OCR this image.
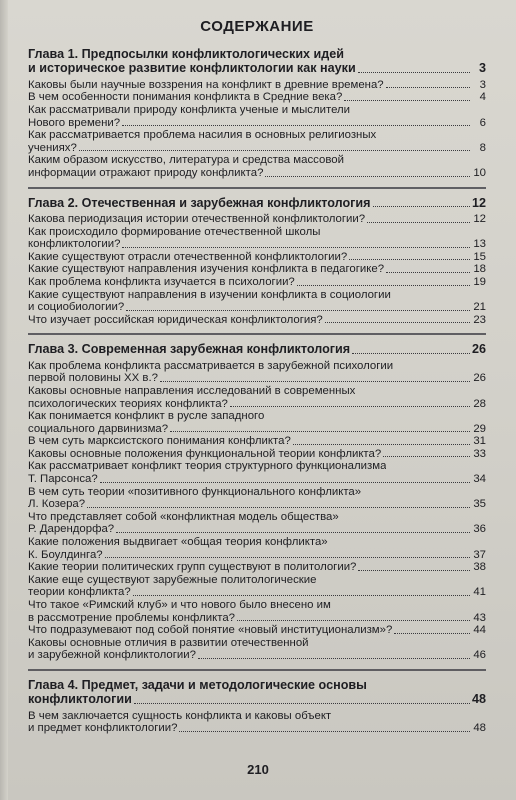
СОДЕРЖАНИЕ
Глава 1. Предпосылки конфликтологических идей
и историческое развитие конфликтологии как науки	3
Каковы были научные воззрения на конфликт в древние времена?	3
В чем особенности понимания конфликта в Средние века?	4
Как рассматривали природу конфликта ученые и мыслители
Нового времени?	6
Как рассматривается проблема насилия в основных религиозных
учениях?	8
Каким образом искусство, литература и средства массовой
информации отражают природу конфликта?	10
Глава 2. Отечественная и зарубежная конфликтология	12
Какова периодизация истории отечественной конфликтологии?	12
Как происходило формирование отечественной школы
конфликтологии?	13
Какие существуют отрасли отечественной конфликтологии?	15
Какие существуют направления изучения конфликта в педагогике?	18
Как проблема конфликта изучается в психологии?	19
Какие существуют направления в изучении конфликта в социологии
и социобиологии?	21
Что изучает российская юридическая конфликтология?	23
Глава 3. Современная зарубежная конфликтология	26
Как проблема конфликта рассматривается в зарубежной психологии
первой половины XX в.?	26
Каковы основные направления исследований в современных
психологических теориях конфликта?	28
Как понимается конфликт в русле западного
социального дарвинизма?	29
В чем суть марксистского понимания конфликта?	31
Каковы основные положения функциональной теории конфликта?	33
Как рассматривает конфликт теория структурного функционализма
Т. Парсонса?	34
В чем суть теории «позитивного функционального конфликта»
Л. Козера?	35
Что представляет собой «конфликтная модель общества»
Р. Дарендорфа?	36
Какие положения выдвигает «общая теория конфликта»
К. Боулдинга?	37
Какие теории политических групп существуют в политологии?	38
Какие еще существуют зарубежные политологические
теории конфликта?	41
Что такое «Римский клуб» и что нового было внесено им
в рассмотрение проблемы конфликта?	43
Что подразумевают под собой понятие «новый институционализм»?	44
Каковы основные отличия в развитии отечественной
и зарубежной конфликтологии?	46
Глава 4. Предмет, задачи и методологические основы
конфликтологии	48
В чем заключается сущность конфликта и каковы объект
и предмет конфликтологии?	48
210
